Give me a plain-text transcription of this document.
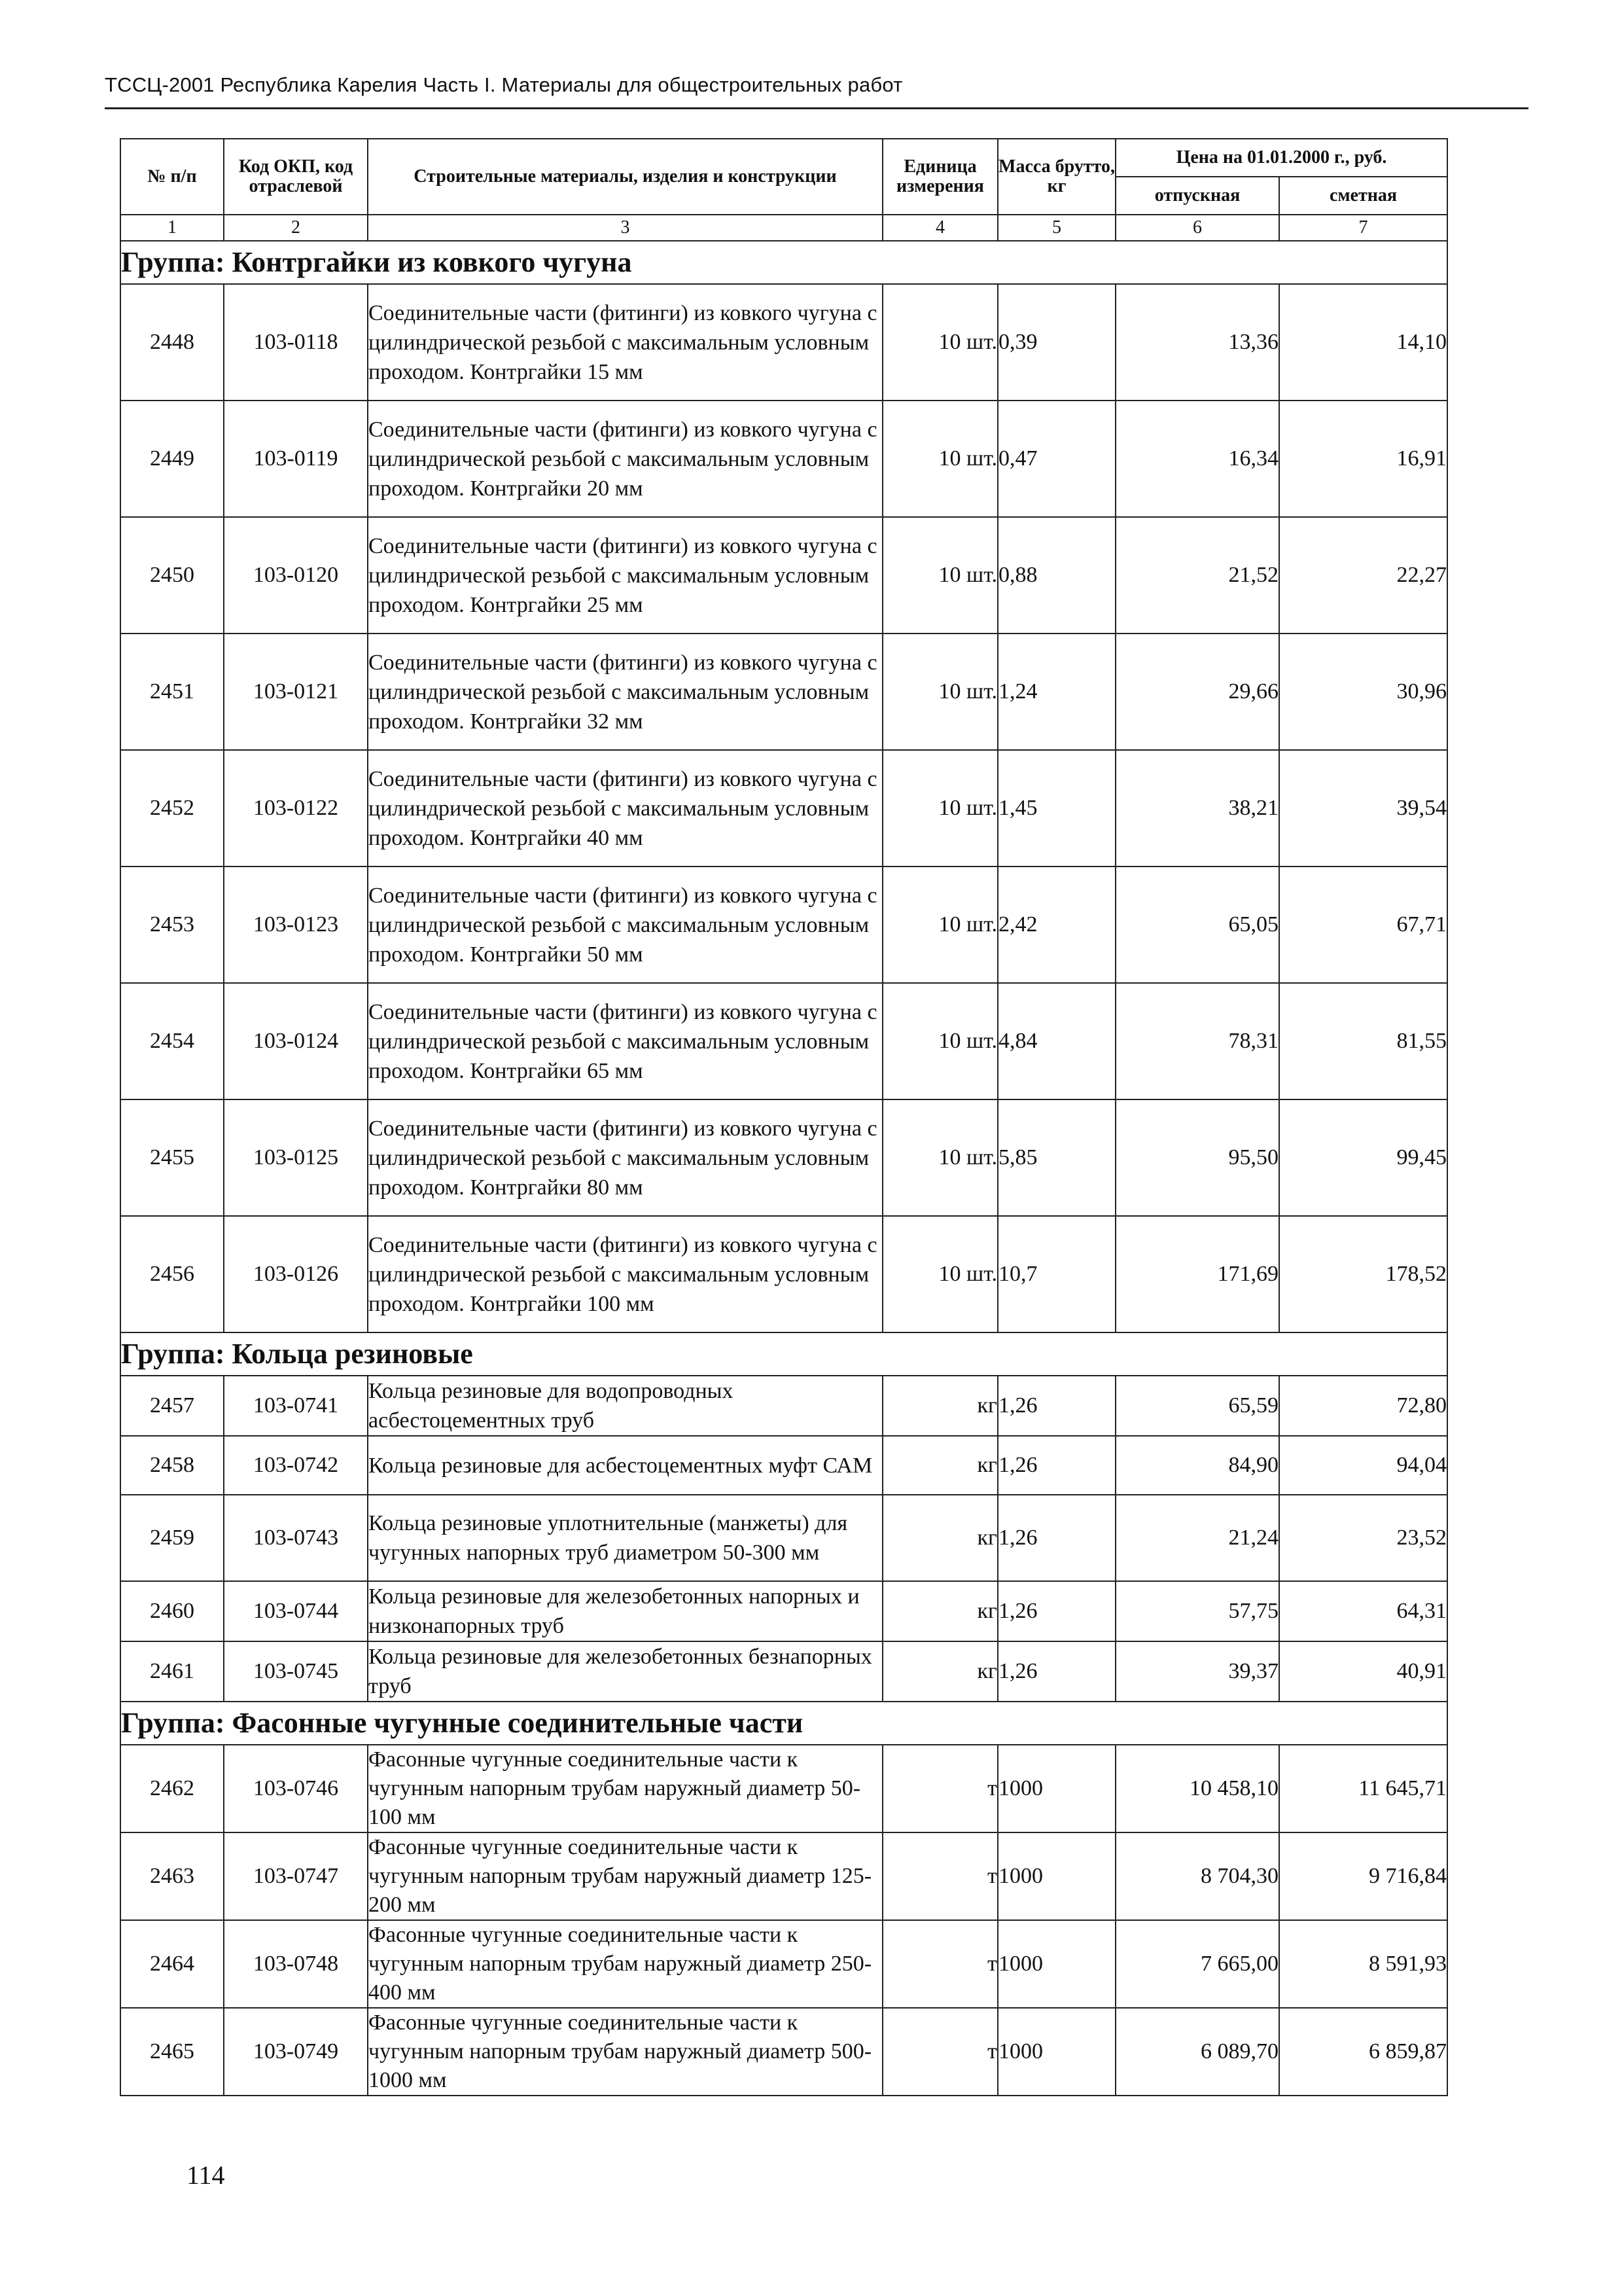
ТССЦ-2001 Республика Карелия Часть I. Материалы для общестроительных работ
№ п/п	Код ОКП, код отраслевой	Строительные материалы, изделия и конструкции	Единица измерения	Масса брутто, кг	Цена на 01.01.2000 г., руб.	
					отпускная	сметная
1	2	3	4	5	6	7
Группа: Контргайки из ковкого чугуна						
2448	103-0118	Соединительные части (фитинги) из ковкого чугуна с цилиндрической резьбой с максимальным условным проходом. Контргайки 15 мм	10 шт.	0,39	13,36	14,10
2449	103-0119	Соединительные части (фитинги) из ковкого чугуна с цилиндрической резьбой с максимальным условным проходом. Контргайки 20 мм	10 шт.	0,47	16,34	16,91
2450	103-0120	Соединительные части (фитинги) из ковкого чугуна с цилиндрической резьбой с максимальным условным проходом. Контргайки 25 мм	10 шт.	0,88	21,52	22,27
2451	103-0121	Соединительные части (фитинги) из ковкого чугуна с цилиндрической резьбой с максимальным условным проходом. Контргайки 32 мм	10 шт.	1,24	29,66	30,96
2452	103-0122	Соединительные части (фитинги) из ковкого чугуна с цилиндрической резьбой с максимальным условным проходом. Контргайки 40 мм	10 шт.	1,45	38,21	39,54
2453	103-0123	Соединительные части (фитинги) из ковкого чугуна с цилиндрической резьбой с максимальным условным проходом. Контргайки 50 мм	10 шт.	2,42	65,05	67,71
2454	103-0124	Соединительные части (фитинги) из ковкого чугуна с цилиндрической резьбой с максимальным условным проходом. Контргайки 65 мм	10 шт.	4,84	78,31	81,55
2455	103-0125	Соединительные части (фитинги) из ковкого чугуна с цилиндрической резьбой с максимальным условным проходом. Контргайки 80 мм	10 шт.	5,85	95,50	99,45
2456	103-0126	Соединительные части (фитинги) из ковкого чугуна с цилиндрической резьбой с максимальным условным проходом. Контргайки 100 мм	10 шт.	10,7	171,69	178,52
Группа: Кольца резиновые						
2457	103-0741	Кольца резиновые для водопроводных асбестоцементных труб	кг	1,26	65,59	72,80
2458	103-0742	Кольца резиновые для асбестоцементных муфт САМ	кг	1,26	84,90	94,04
2459	103-0743	Кольца резиновые уплотнительные (манжеты) для чугунных напорных труб диаметром 50-300 мм	кг	1,26	21,24	23,52
2460	103-0744	Кольца резиновые для железобетонных напорных и низконапорных труб	кг	1,26	57,75	64,31
2461	103-0745	Кольца резиновые для железобетонных безнапорных труб	кг	1,26	39,37	40,91
Группа: Фасонные чугунные соединительные части						
2462	103-0746	Фасонные чугунные соединительные части к чугунным напорным трубам наружный диаметр 50-100 мм	т	1000	10 458,10	11 645,71
2463	103-0747	Фасонные чугунные соединительные части к чугунным напорным трубам наружный диаметр 125-200 мм	т	1000	8 704,30	9 716,84
2464	103-0748	Фасонные чугунные соединительные части к чугунным напорным трубам наружный диаметр 250-400 мм	т	1000	7 665,00	8 591,93
2465	103-0749	Фасонные чугунные соединительные части к чугунным напорным трубам наружный диаметр 500-1000 мм	т	1000	6 089,70	6 859,87
114
